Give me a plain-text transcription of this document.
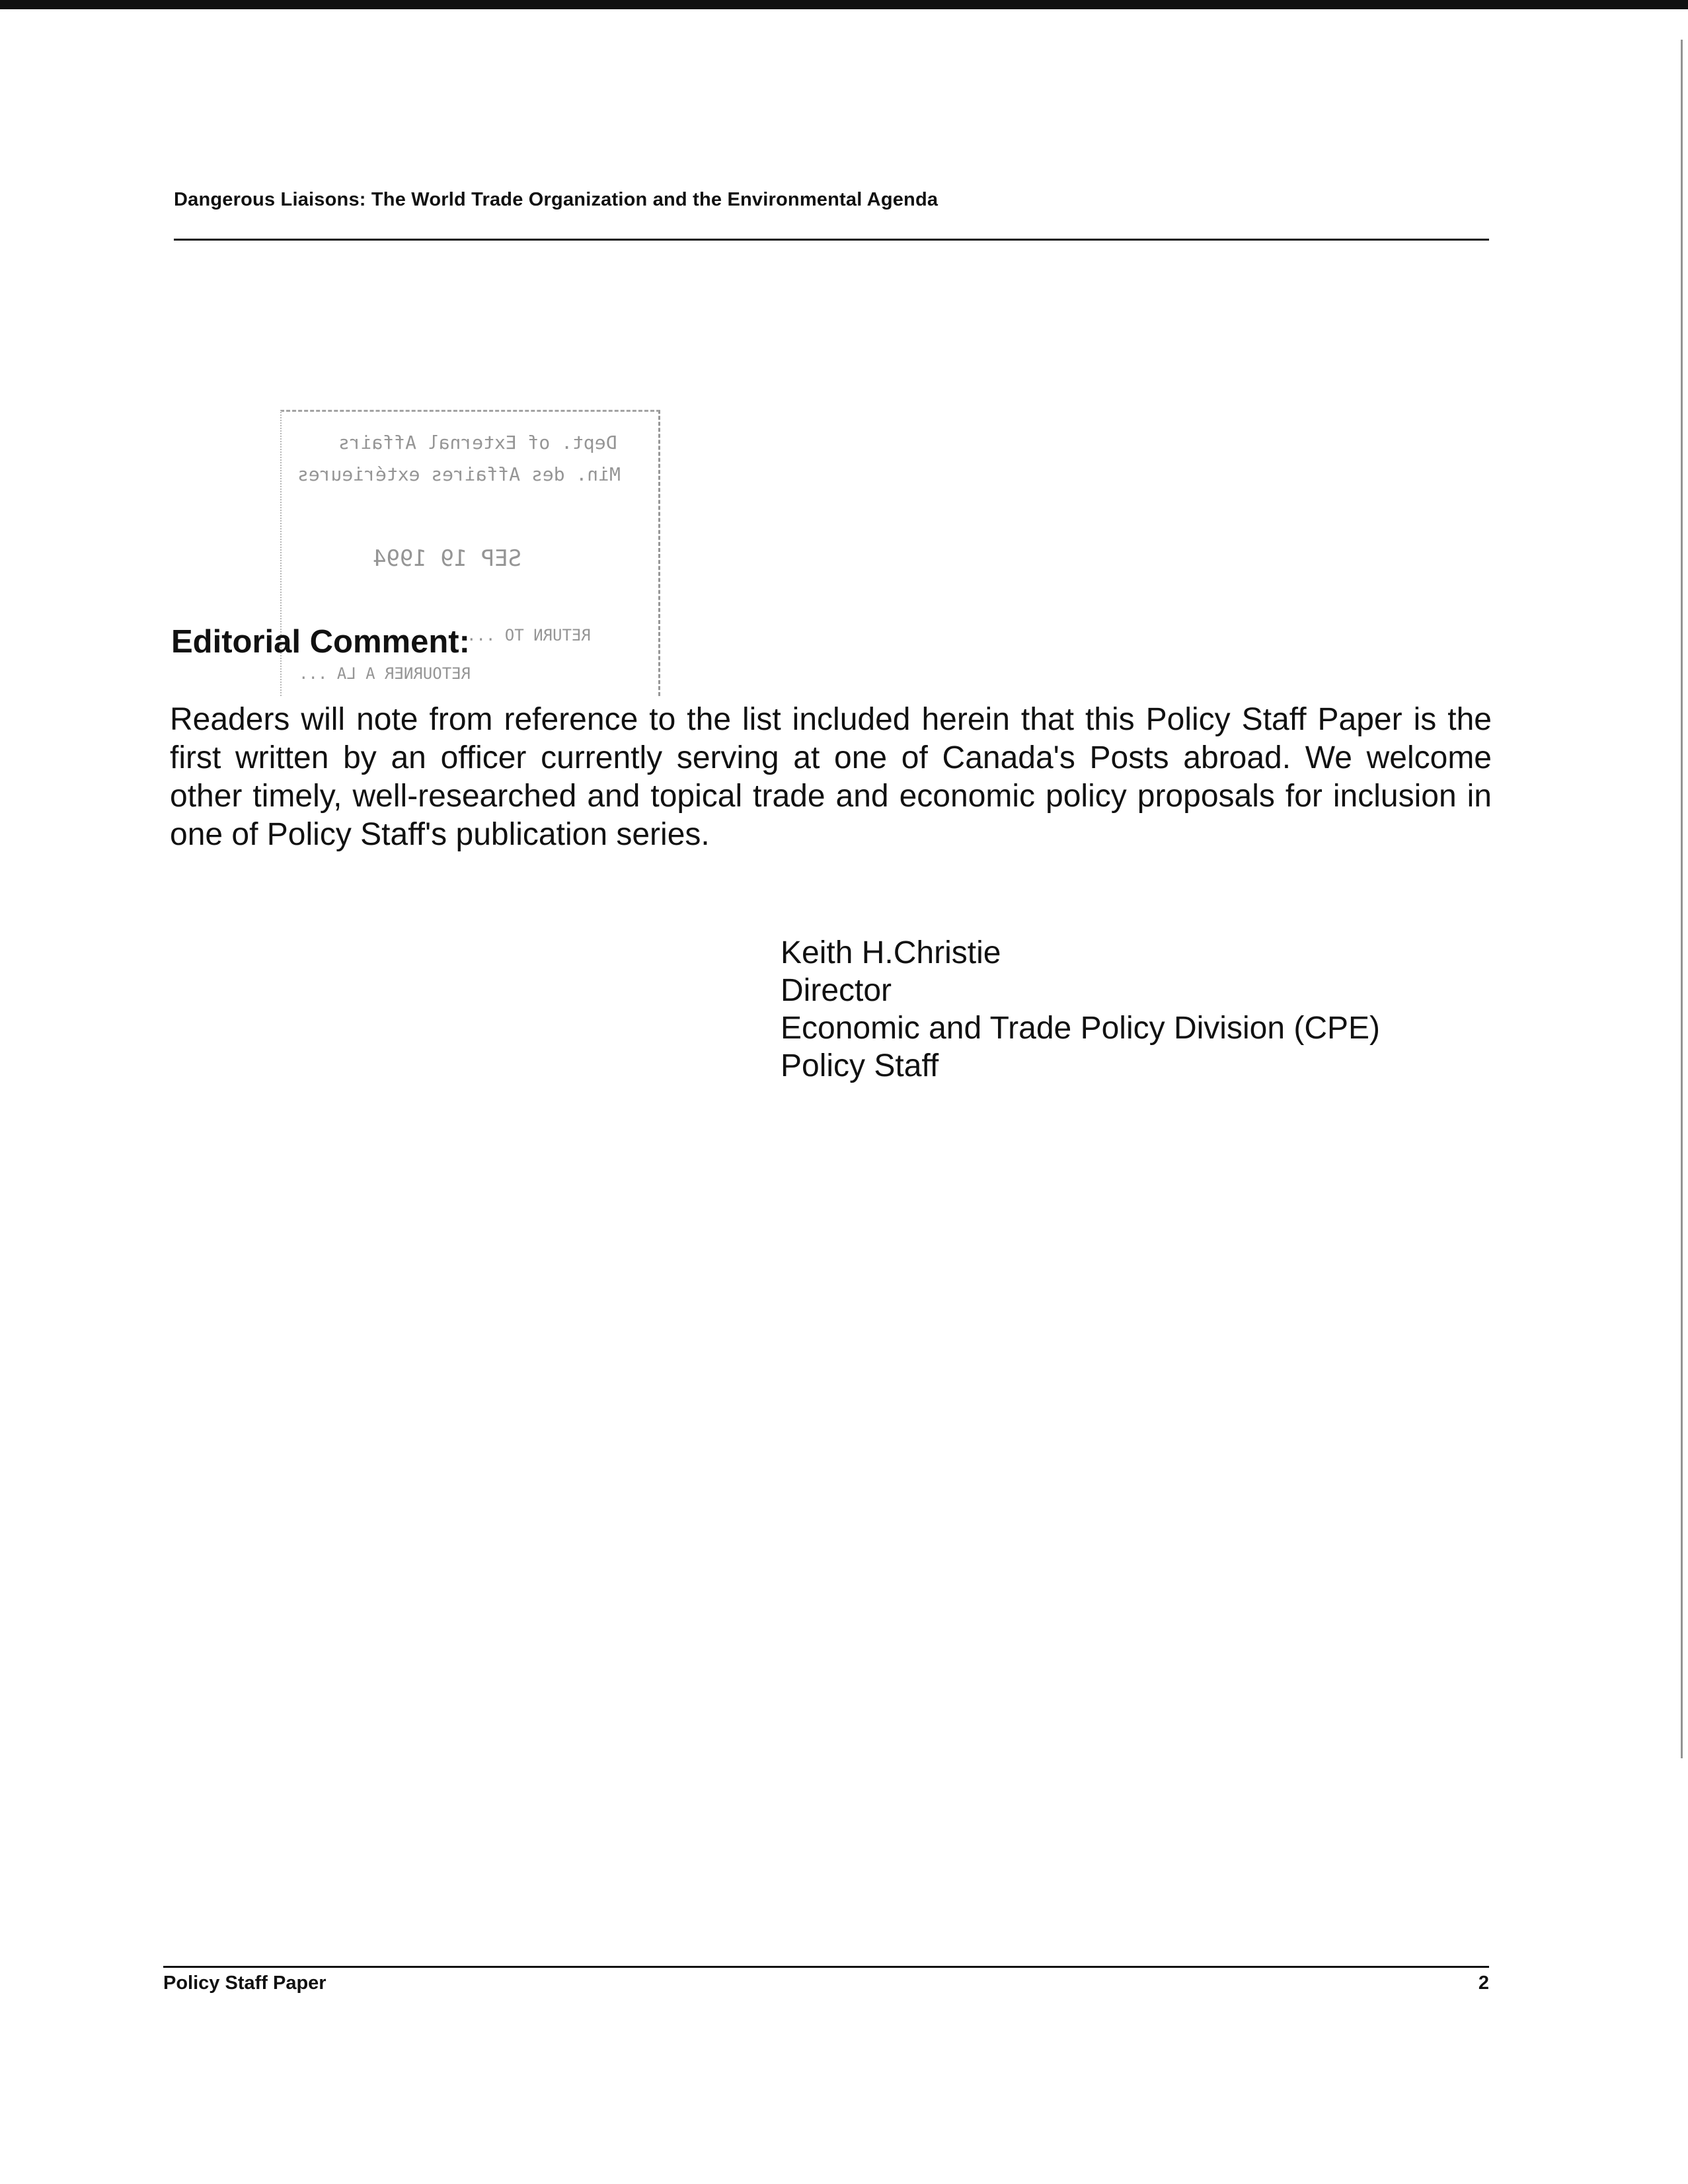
Dangerous Liaisons: The World Trade Organization and the Environmental Agenda
Dept. of External Affairs
Min. des Affaires extérieures
SEP 19 1994
RETURN TO ...
RETOURNER A LA ...
Editorial Comment:

Readers will note from reference to the list included herein that this Policy Staff Paper is the first written by an officer currently serving at one of Canada's Posts abroad. We welcome other timely, well-researched and topical trade and economic policy proposals for inclusion in one of Policy Staff's publication series.

Keith H.Christie
Director
Economic and Trade Policy Division (CPE)
Policy Staff
Policy Staff Paper	2
